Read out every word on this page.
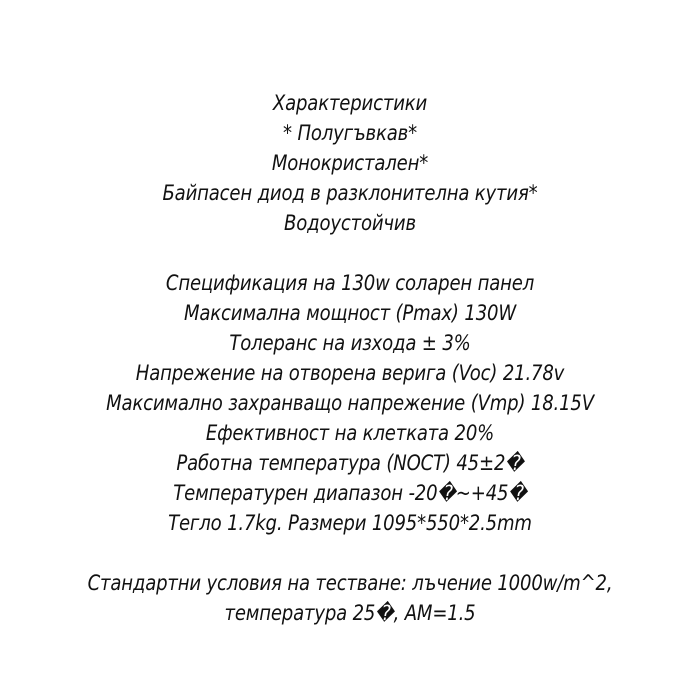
Характеристики
* Полугъвкав*
Монокристален*
Байпасен диод в разклонителна кутия*
Водоустойчив
Спецификация на 130w соларен панел
Максимална мощност (Pmax) 130W
Толеранс на изхода ± 3%
Напрежение на отворена верига (Voc) 21.78v
Максимално захранващо напрежение (Vmp) 18.15V
Ефективност на клетката 20%
Работна температура (NOCT) 45±2�
Температурен диапазон -20�~+45�
Тегло 1.7kg. Размери 1095*550*2.5mm
Стандартни условия на тестване: лъчение 1000w/m^2,
температура 25�, AM=1.5
